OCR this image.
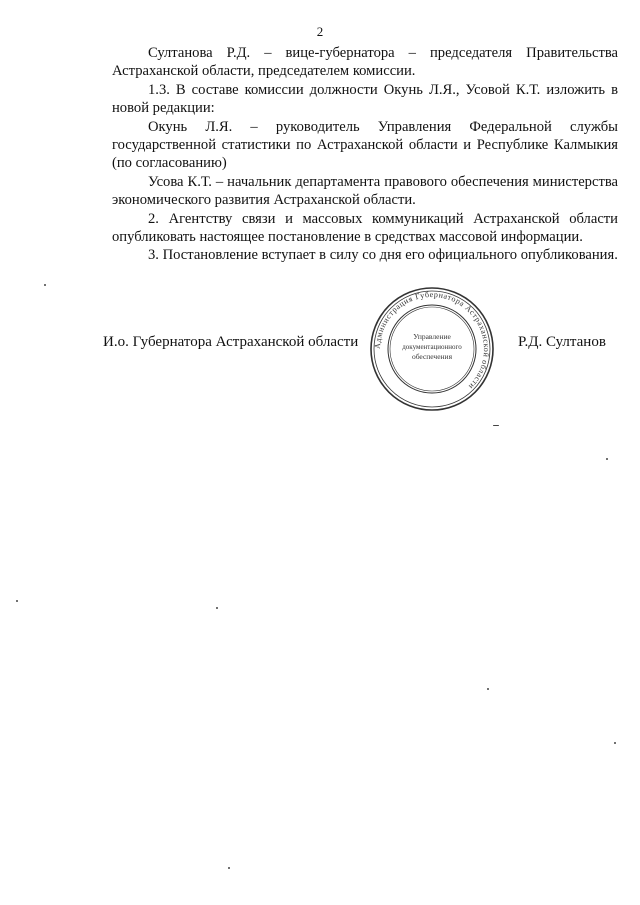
2

Султанова Р.Д. – вице-губернатора – председателя Правительства Астраханской области, председателем комиссии.

1.3. В составе комиссии должности Окунь Л.Я., Усовой К.Т. изложить в новой редакции:

Окунь Л.Я. – руководитель Управления Федеральной службы государственной статистики по Астраханской области и Республике Калмыкия (по согласованию)

Усова К.Т. – начальник департамента правового обеспечения министерства экономического развития Астраханской области.

2. Агентству связи и массовых коммуникаций Астраханской области опубликовать настоящее постановление в средствах массовой информации.

3. Постановление вступает в силу со дня его официального опубликования.

И.о. Губернатора Астраханской области	Р.Д. Султанов
Администрация Губернатора Астраханской области
Управление
документационного
обеспечения
